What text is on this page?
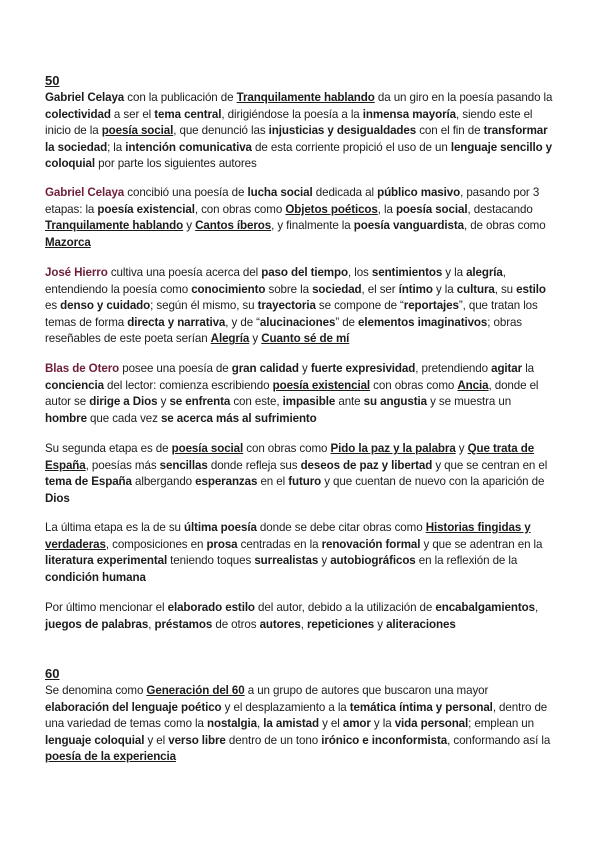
50
Gabriel Celaya con la publicación de Tranquilamente hablando da un giro en la poesía pasando la colectividad a ser el tema central, dirigiéndose la poesía a la inmensa mayoría, siendo este el inicio de la poesía social, que denunció las injusticias y desigualdades con el fin de transformar la sociedad; la intención comunicativa de esta corriente propició el uso de un lenguaje sencillo y coloquial por parte los siguientes autores
Gabriel Celaya concibió una poesía de lucha social dedicada al público masivo, pasando por 3 etapas: la poesía existencial, con obras como Objetos poéticos, la poesía social, destacando Tranquilamente hablando y Cantos íberos, y finalmente la poesía vanguardista, de obras como Mazorca
José Hierro cultiva una poesía acerca del paso del tiempo, los sentimientos y la alegría, entendiendo la poesía como conocimiento sobre la sociedad, el ser íntimo y la cultura, su estilo es denso y cuidado; según él mismo, su trayectoria se compone de “reportajes”, que tratan los temas de forma directa y narrativa, y de “alucinaciones” de elementos imaginativos; obras reseñables de este poeta serían Alegría y Cuanto sé de mí
Blas de Otero posee una poesía de gran calidad y fuerte expresividad, pretendiendo agitar la conciencia del lector: comienza escribiendo poesía existencial con obras como Ancia, donde el autor se dirige a Dios y se enfrenta con este, impasible ante su angustia y se muestra un hombre que cada vez se acerca más al sufrimiento
Su segunda etapa es de poesía social con obras como Pido la paz y la palabra y Que trata de España, poesías más sencillas donde refleja sus deseos de paz y libertad y que se centran en el tema de España albergando esperanzas en el futuro y que cuentan de nuevo con la aparición de Dios
La última etapa es la de su última poesía donde se debe citar obras como Historias fingidas y verdaderas, composiciones en prosa centradas en la renovación formal y que se adentran en la literatura experimental teniendo toques surrealistas y autobiográficos en la reflexión de la condición humana
Por último mencionar el elaborado estilo del autor, debido a la utilización de encabalgamientos, juegos de palabras, préstamos de otros autores, repeticiones y aliteraciones
60
Se denomina como Generación del 60 a un grupo de autores que buscaron una mayor elaboración del lenguaje poético y el desplazamiento a la temática íntima y personal, dentro de una variedad de temas como la nostalgia, la amistad y el amor y la vida personal; emplean un lenguaje coloquial y el verso libre dentro de un tono irónico e inconformista, conformando así la poesía de la experiencia
